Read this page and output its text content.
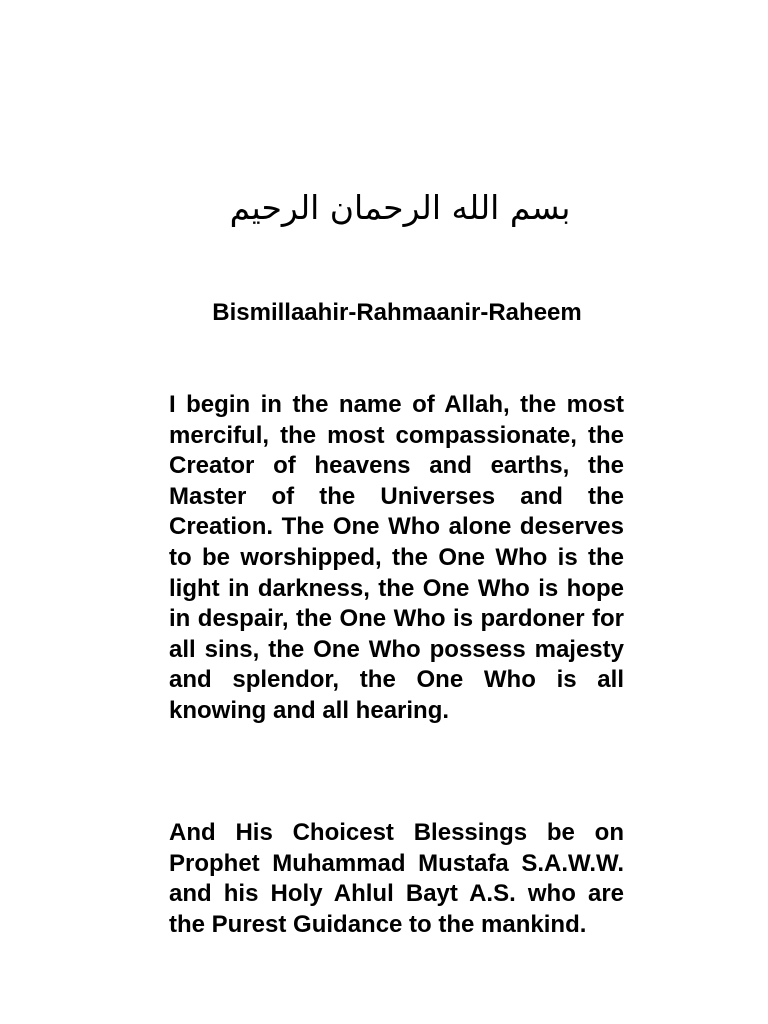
بسم الله الرحمان الرحيم
Bismillaahir-Rahmaanir-Raheem

I begin in the name of Allah, the most merciful, the most compassionate, the Creator of heavens and earths, the Master of the Universes and the Creation. The One Who alone deserves to be worshipped, the One Who is the light in darkness, the One Who is hope in despair, the One Who is pardoner for all sins, the One Who possess majesty and splendor, the One Who is all knowing and all hearing.

And His Choicest Blessings be on Prophet Muhammad Mustafa S.A.W.W. and his Holy Ahlul Bayt A.S. who are the Purest Guidance to the mankind.
